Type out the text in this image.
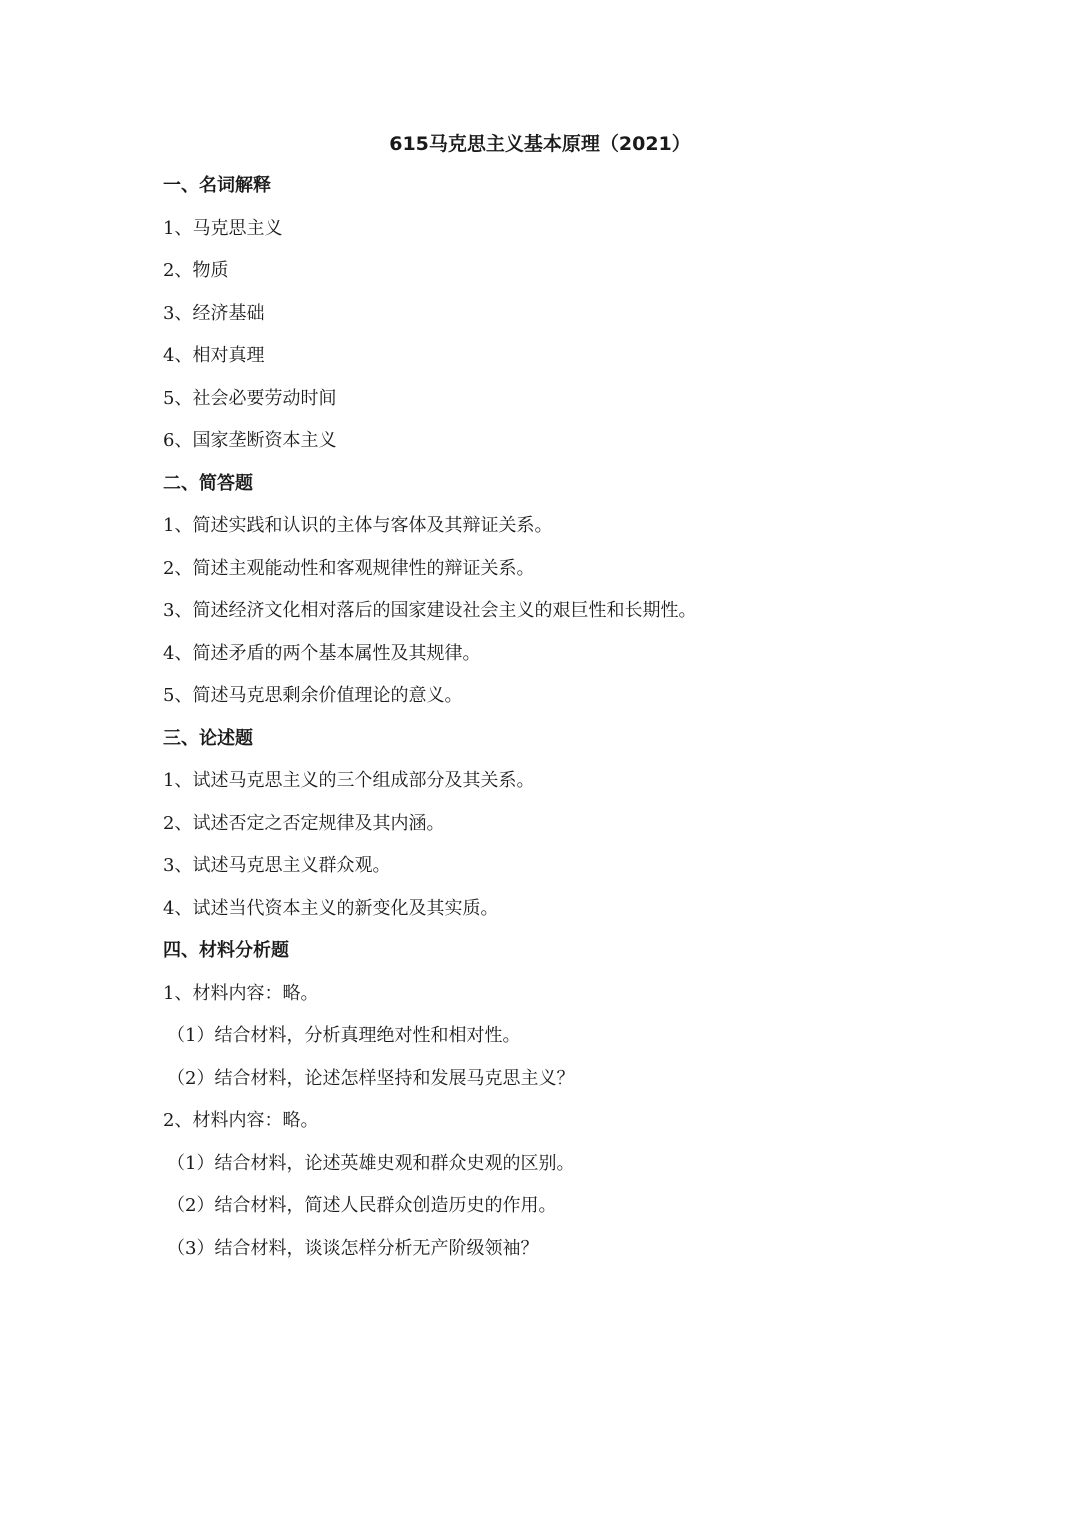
615马克思主义基本原理（2021）
一、名词解释
1、马克思主义
2、物质
3、经济基础
4、相对真理
5、社会必要劳动时间
6、国家垄断资本主义
二、简答题
1、简述实践和认识的主体与客体及其辩证关系。
2、简述主观能动性和客观规律性的辩证关系。
3、简述经济文化相对落后的国家建设社会主义的艰巨性和长期性。
4、简述矛盾的两个基本属性及其规律。
5、简述马克思剩余价值理论的意义。
三、论述题
1、试述马克思主义的三个组成部分及其关系。
2、试述否定之否定规律及其内涵。
3、试述马克思主义群众观。
4、试述当代资本主义的新变化及其实质。
四、材料分析题
1、材料内容：略。
（1）结合材料，分析真理绝对性和相对性。
（2）结合材料，论述怎样坚持和发展马克思主义？
2、材料内容：略。
（1）结合材料，论述英雄史观和群众史观的区别。
（2）结合材料，简述人民群众创造历史的作用。
（3）结合材料，谈谈怎样分析无产阶级领袖？
